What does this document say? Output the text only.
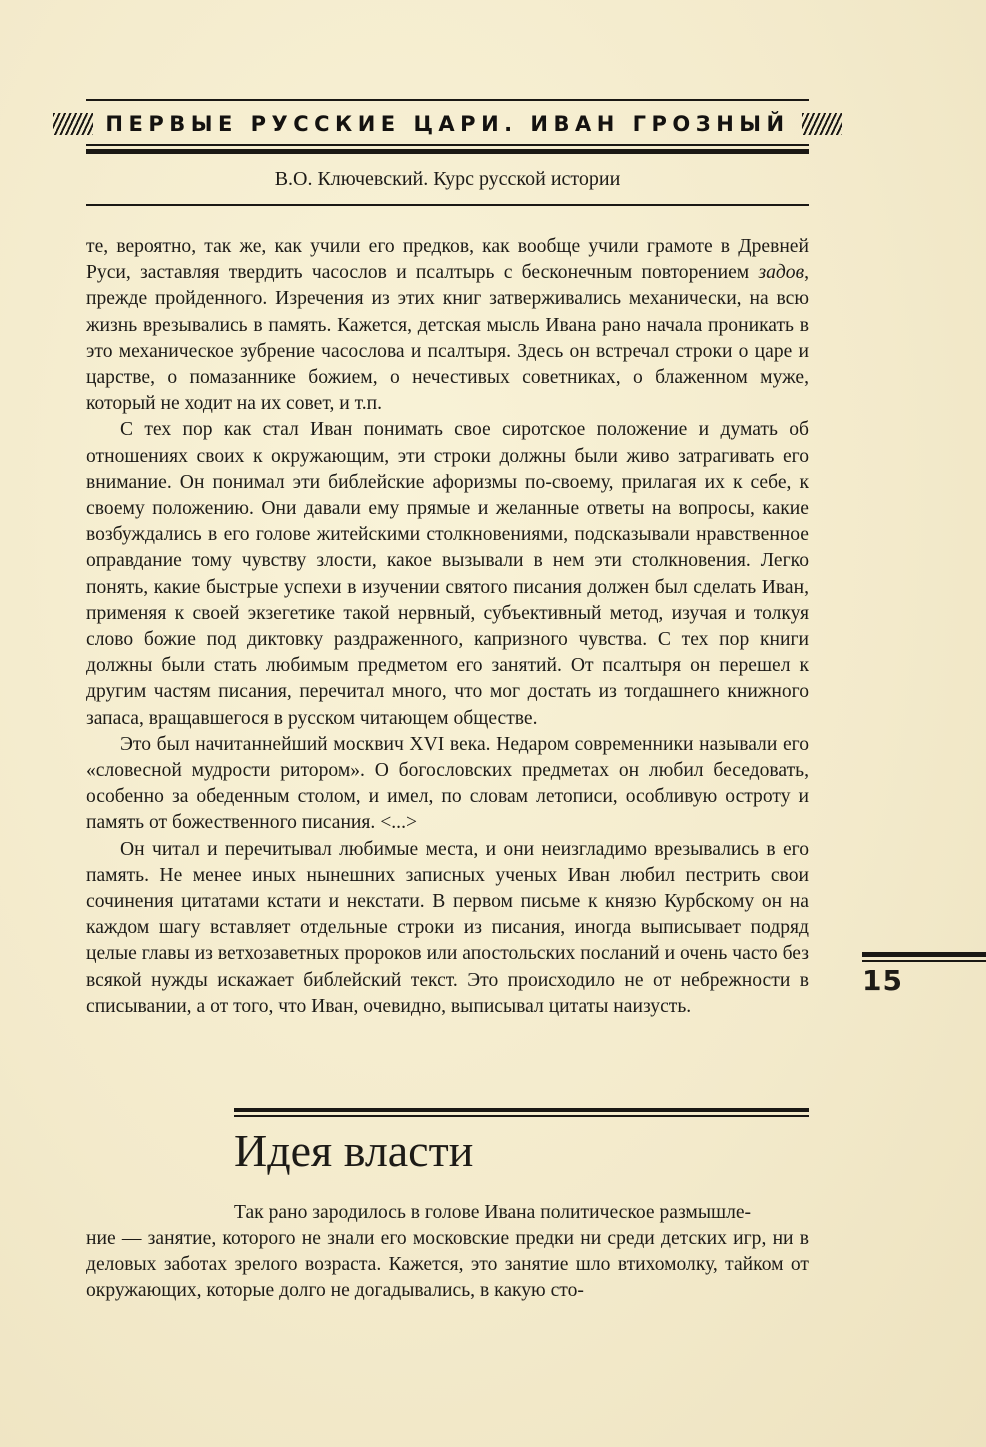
ПЕРВЫЕ РУССКИЕ ЦАРИ. ИВАН ГРОЗНЫЙ
В.О. Ключевский. Курс русской истории

те, вероятно, так же, как учили его предков, как вообще учили грамоте в Древней Руси, заставляя твердить часослов и псалтырь с бесконечным повторением задов, прежде пройденного. Изречения из этих книг затверживались механически, на всю жизнь врезывались в память. Кажется, детская мысль Ивана рано начала проникать в это механическое зубрение часослова и псалтыря. Здесь он встречал строки о царе и царстве, о помазаннике божием, о нечестивых советниках, о блаженном муже, который не ходит на их совет, и т.п.

С тех пор как стал Иван понимать свое сиротское положение и думать об отношениях своих к окружающим, эти строки должны были живо затрагивать его внимание. Он понимал эти библейские афоризмы по-своему, прилагая их к себе, к своему положению. Они давали ему прямые и желанные ответы на вопросы, какие возбуждались в его голове житейскими столкновениями, подсказывали нравственное оправдание тому чувству злости, какое вызывали в нем эти столкновения. Легко понять, какие быстрые успехи в изучении святого писания должен был сделать Иван, применяя к своей экзегетике такой нервный, субъективный метод, изучая и толкуя слово божие под диктовку раздраженного, капризного чувства. С тех пор книги должны были стать любимым предметом его занятий. От псалтыря он перешел к другим частям писания, перечитал много, что мог достать из тогдашнего книжного запаса, вращавшегося в русском читающем обществе.

Это был начитаннейший москвич XVI века. Недаром современники называли его «словесной мудрости ритором». О богословских предметах он любил беседовать, особенно за обеденным столом, и имел, по словам летописи, особливую остроту и память от божественного писания. <...>

Он читал и перечитывал любимые места, и они неизгладимо врезывались в его память. Не менее иных нынешних записных ученых Иван любил пестрить свои сочинения цитатами кстати и некстати. В первом письме к князю Курбскому он на каждом шагу вставляет отдельные строки из писания, иногда выписывает подряд целые главы из ветхозаветных пророков или апостольских посланий и очень часто без всякой нужды искажает библейский текст. Это происходило не от небрежности в списывании, а от того, что Иван, очевидно, выписывал цитаты наизусть.

15
Идея власти
Так рано зародилось в голове Ивана политическое размышле-

ние — занятие, которого не знали его московские предки ни среди детских игр, ни в деловых заботах зрелого возраста. Кажется, это занятие шло втихомолку, тайком от окружающих, которые долго не догадывались, в какую сто-
